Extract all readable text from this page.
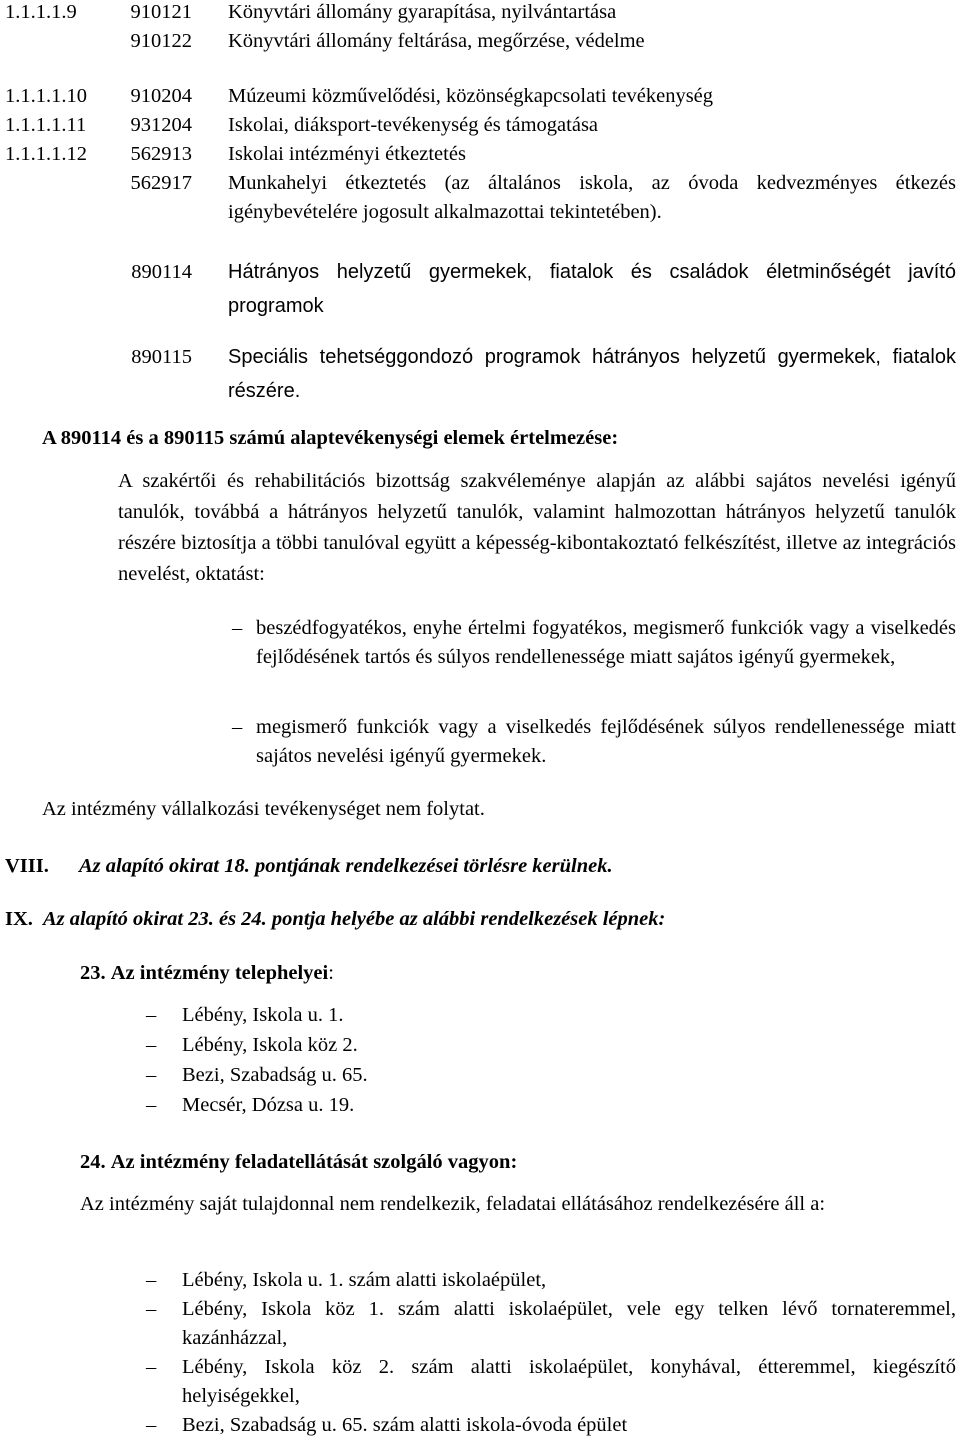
1.1.1.1.9	910121 Könyvtári állomány gyarapítása, nyilvántartása
910122 Könyvtári állomány feltárása, megőrzése, védelme
1.1.1.1.10 910204 Múzeumi közművelődési, közönségkapcsolati tevékenység
1.1.1.1.11 931204 Iskolai, diáksport-tevékenység és támogatása
1.1.1.1.12 562913 Iskolai intézményi étkeztetés
562917 Munkahelyi étkeztetés (az általános iskola, az óvoda kedvezményes étkezés igénybevételére jogosult alkalmazottai tekintetében).
890114 Hátrányos helyzetű gyermekek, fiatalok és családok életminőségét javító programok
890115 Speciális tehetséggondozó programok hátrányos helyzetű gyermekek, fiatalok részére.
A 890114 és a 890115 számú alaptevékenységi elemek értelmezése:
A szakértői és rehabilitációs bizottság szakvéleménye alapján az alábbi sajátos nevelési igényű tanulók, továbbá a hátrányos helyzetű tanulók, valamint halmozottan hátrányos helyzetű tanulók részére biztosítja a többi tanulóval együtt a képesség-kibontakoztató felkészítést, illetve az integrációs nevelést, oktatást:
– beszédfogyatékos, enyhe értelmi fogyatékos, megismerő funkciók vagy a viselkedés fejlődésének tartós és súlyos rendellenessége miatt sajátos igényű gyermekek,
– megismerő funkciók vagy a viselkedés fejlődésének súlyos rendellenessége miatt sajátos nevelési igényű gyermekek.
Az intézmény vállalkozási tevékenységet nem folytat.
VIII. Az alapító okirat 18. pontjának rendelkezései törlésre kerülnek.
IX. Az alapító okirat 23. és 24. pontja helyébe az alábbi rendelkezések lépnek:
23. Az intézmény telephelyei:
– Lébény, Iskola u. 1.
– Lébény, Iskola köz 2.
– Bezi, Szabadság u. 65.
– Mecsér, Dózsa u. 19.
24. Az intézmény feladatellátását szolgáló vagyon:
Az intézmény saját tulajdonnal nem rendelkezik, feladatai ellátásához rendelkezésére áll a:
– Lébény, Iskola u. 1. szám alatti iskolaépület,
– Lébény, Iskola köz 1. szám alatti iskolaépület, vele egy telken lévő tornateremmel, kazánházzal,
– Lébény, Iskola köz 2. szám alatti iskolaépület, konyhával, étteremmel, kiegészítő helyiségekkel,
– Bezi, Szabadság u. 65. szám alatti iskola-óvoda épület
